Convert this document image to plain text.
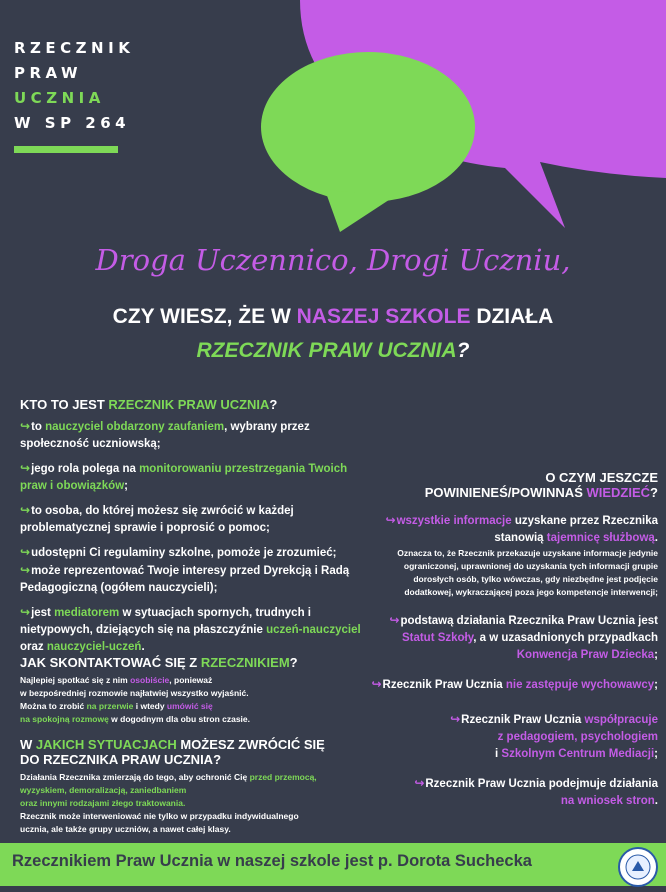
RZECZNIK
PRAW
UCZNIA
W SP 264
Droga Uczennico, Drogi Uczniu,
CZY WIESZ, ŻE W NASZEJ SZKOLE DZIAŁA
RZECZNIK PRAW UCZNIA?
KTO TO JEST RZECZNIK PRAW UCZNIA?
↪to nauczyciel obdarzony zaufaniem, wybrany przez społeczność uczniowską;
↪jego rola polega na monitorowaniu przestrzegania Twoich praw i obowiązków;
↪to osoba, do której możesz się zwrócić w każdej problematycznej sprawie i poprosić o pomoc;
↪udostępni Ci regulaminy szkolne, pomoże je zrozumieć;
↪może reprezentować Twoje interesy przed Dyrekcją i Radą Pedagogiczną (ogółem nauczycieli);
↪jest mediatorem w sytuacjach spornych, trudnych i nietypowych, dziejących się na płaszczyźnie uczeń-nauczyciel oraz nauczyciel-uczeń.
JAK SKONTAKTOWAĆ SIĘ Z RZECZNIKIEM?
Najlepiej spotkać się z nim osobiście, ponieważ
w bezpośredniej rozmowie najłatwiej wszystko wyjaśnić.
Można to zrobić na przerwie i wtedy umówić się
na spokojną rozmowę w dogodnym dla obu stron czasie.
W JAKICH SYTUACJACH MOŻESZ ZWRÓCIĆ SIĘ
DO RZECZNIKA PRAW UCZNIA?
Działania Rzecznika zmierzają do tego, aby ochronić Cię przed przemocą,
wyzyskiem, demoralizacją, zaniedbaniem
oraz innymi rodzajami złego traktowania.
Rzecznik może interweniować nie tylko w przypadku indywidualnego
ucznia, ale także grupy uczniów, a nawet całej klasy.
O CZYM JESZCZE
POWINIENEŚ/POWINNAŚ WIEDZIEĆ?
↪wszystkie informacje uzyskane przez Rzecznika
stanowią tajemnicę służbową.
Oznacza to, że Rzecznik przekazuje uzyskane informacje jedynie
ograniczonej, uprawnionej do uzyskania tych informacji grupie
dorosłych osób, tylko wówczas, gdy niezbędne jest podjęcie
dodatkowej, wykraczającej poza jego kompetencje interwencji;
↪podstawą działania Rzecznika Praw Ucznia jest
Statut Szkoły, a w uzasadnionych przypadkach
Konwencja Praw Dziecka;
↪Rzecznik Praw Ucznia nie zastępuje wychowawcy;
↪Rzecznik Praw Ucznia współpracuje
z pedagogiem, psychologiem
i Szkolnym Centrum Mediacji;
↪Rzecznik Praw Ucznia podejmuje działania
na wniosek stron.
Rzecznikiem Praw Ucznia w naszej szkole jest p. Dorota Suchecka
